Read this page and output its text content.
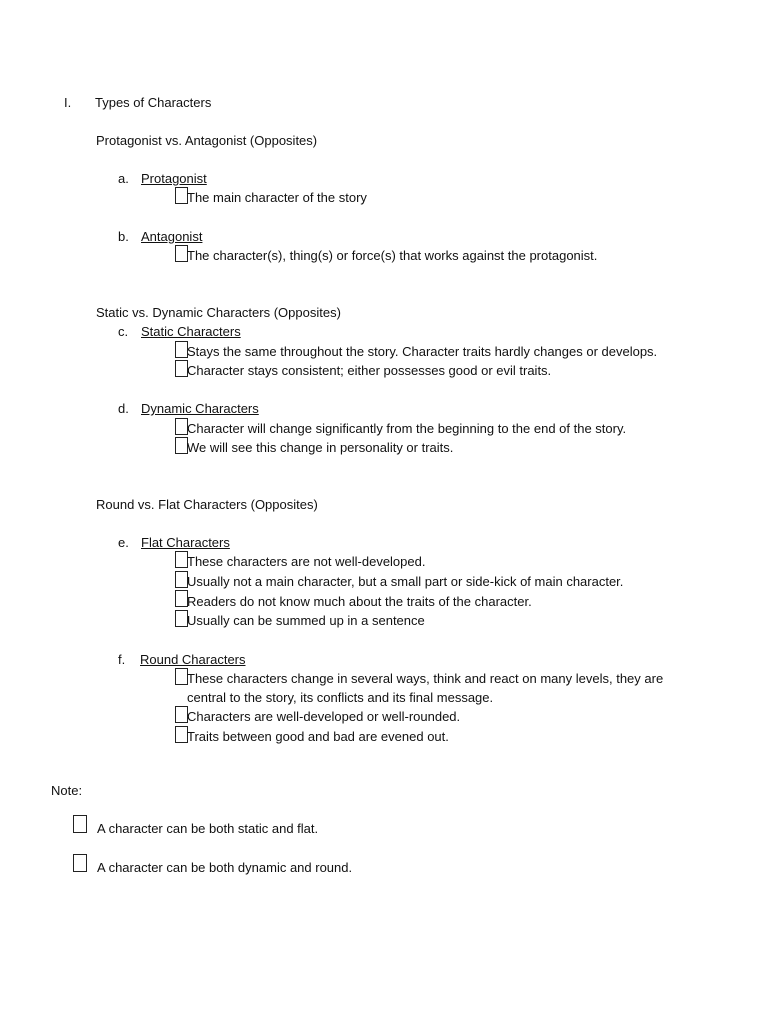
I. Types of Characters
Protagonist vs. Antagonist (Opposites)
a. Protagonist
The main character of the story
b. Antagonist
The character(s), thing(s) or force(s) that works against the protagonist.
Static vs. Dynamic Characters (Opposites)
c. Static Characters
Stays the same throughout the story. Character traits hardly changes or develops.
Character stays consistent; either possesses good or evil traits.
d. Dynamic Characters
Character will change significantly from the beginning to the end of the story.
We will see this change in personality or traits.
Round vs. Flat Characters (Opposites)
e. Flat Characters
These characters are not well-developed.
Usually not a main character, but a small part or side-kick of main character.
Readers do not know much about the traits of the character.
Usually can be summed up in a sentence
f. Round Characters
These characters change in several ways, think and react on many levels, they are
central to the story, its conflicts and its final message.
Characters are well-developed or well-rounded.
Traits between good and bad are evened out.
Note:
A character can be both static and flat.
A character can be both dynamic and round.
